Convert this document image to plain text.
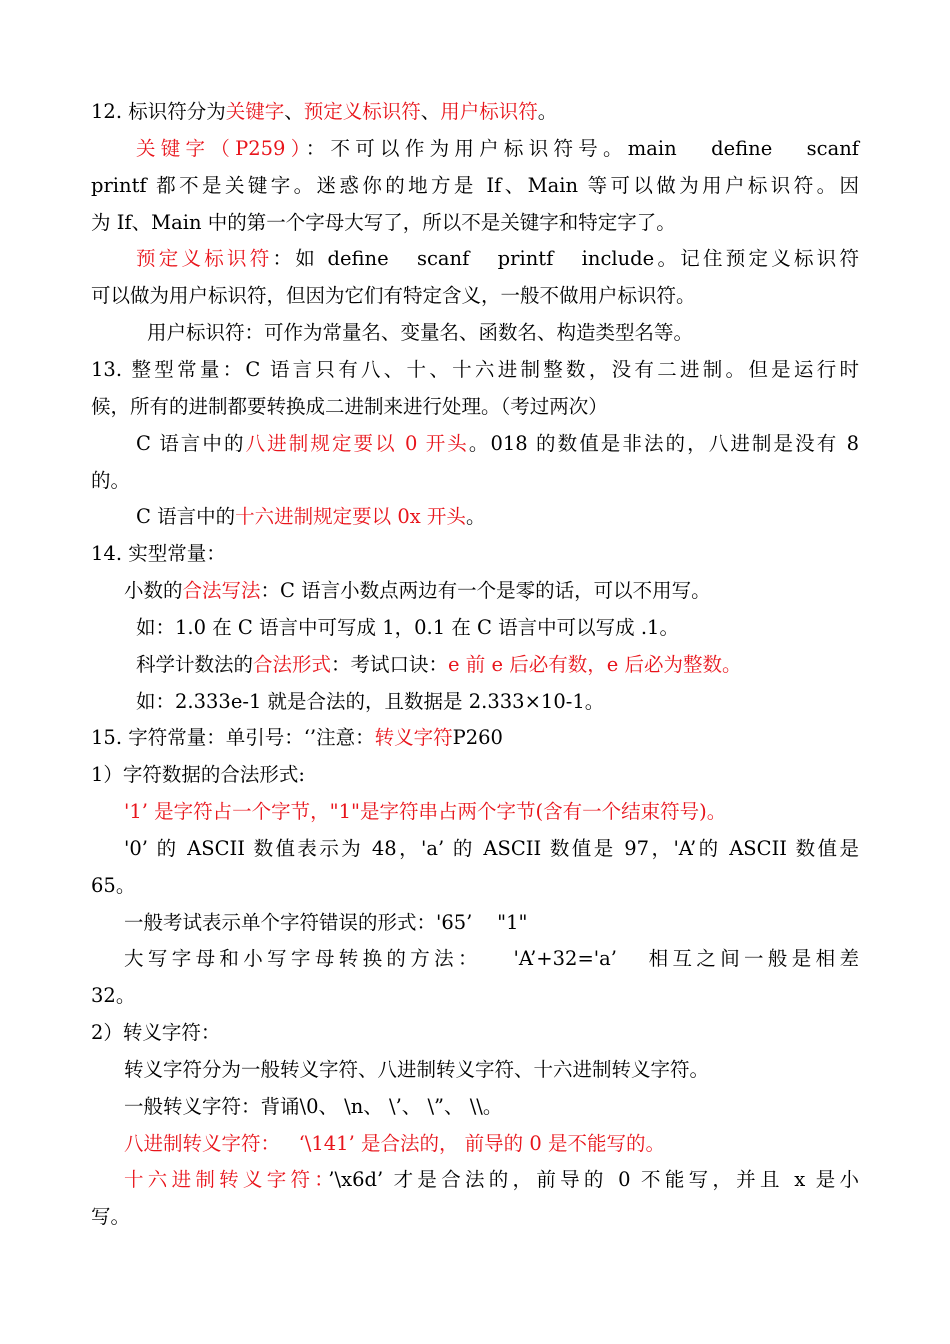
12. 标识符分为关键字、预定义标识符、用户标识符。
关键字（P259）：不可以作为用户标识符号。main   define   scanf
printf 都不是关键字。迷惑你的地方是 If、Main 等可以做为用户标识符。因
为 If、Main 中的第一个字母大写了，所以不是关键字和特定字了。
预定义标识符：如 define   scanf   printf   include。记住预定义标识符
可以做为用户标识符，但因为它们有特定含义，一般不做用户标识符。
用户标识符：可作为常量名、变量名、函数名、构造类型名等。
13. 整型常量：C 语言只有八、十、十六进制整数，没有二进制。但是运行时
候，所有的进制都要转换成二进制来进行处理。（考过两次）
C 语言中的八进制规定要以 0 开头。018 的数值是非法的，八进制是没有 8
的。
C 语言中的十六进制规定要以 0x 开头。
14. 实型常量：
小数的合法写法：C 语言小数点两边有一个是零的话，可以不用写。
如：1.0 在 C 语言中可写成 1，0.1 在 C 语言中可以写成 .1。
科学计数法的合法形式：考试口诀：e 前 e 后必有数，e 后必为整数。
如：2.333e-1 就是合法的，且数据是 2.333×10-1。
15. 字符常量：单引号：‘’注意：转义字符P260
1）字符数据的合法形式:
'1’ 是字符占一个字节，"1"是字符串占两个字节(含有一个结束符号)。
'0’ 的 ASCII 数值表示为 48，'a’ 的 ASCII 数值是 97，'A’的 ASCII 数值是
65。
一般考试表示单个字符错误的形式：'65’    "1"
大写字母和小写字母转换的方法：   'A’+32='a’   相互之间一般是相差
32。
2）转义字符：
转义字符分为一般转义字符、八进制转义字符、十六进制转义字符。
一般转义字符：背诵\0、 \n、 \’、 \”、 \\。
八进制转义字符：   ‘\141’ 是合法的， 前导的 0 是不能写的。
十六进制转义字符：’\x6d’ 才是合法的，前导的 0 不能写，并且 x 是小
写。
